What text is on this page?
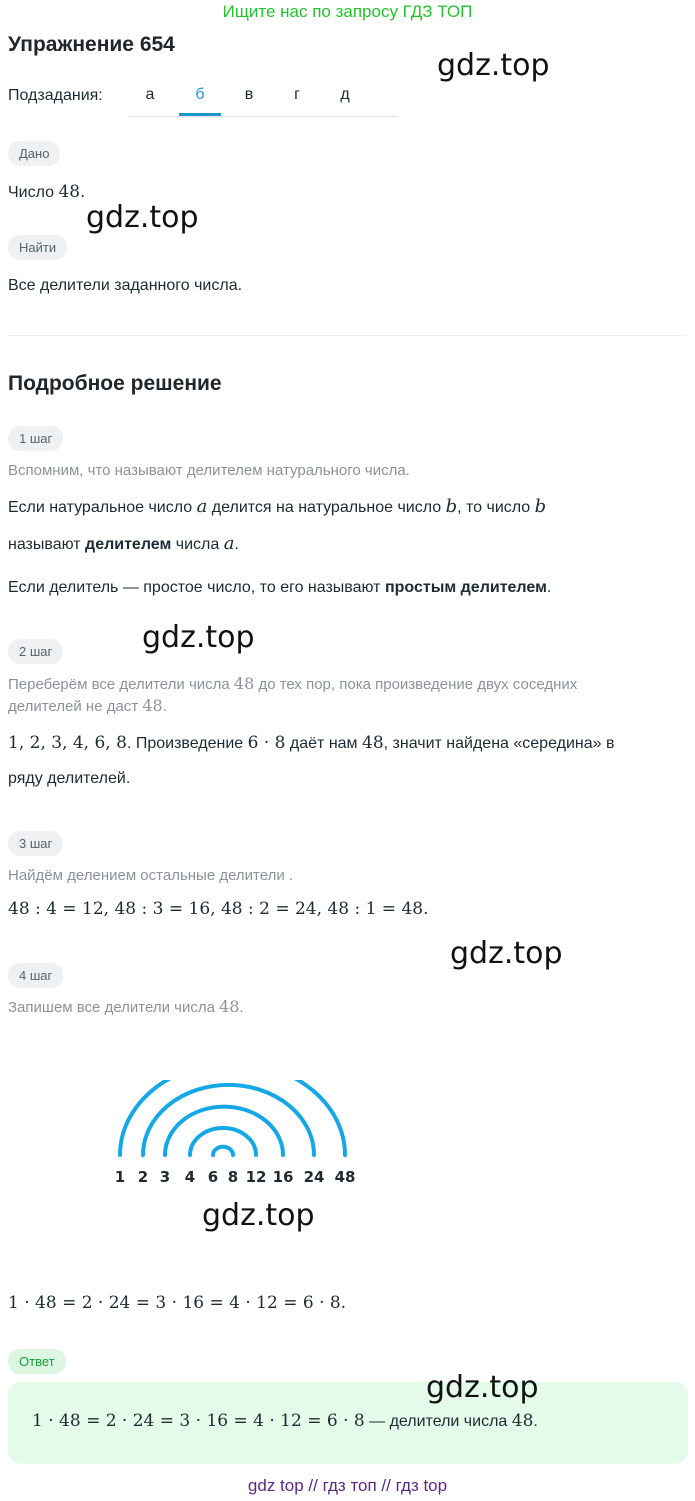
Ищите нас по запросу ГДЗ ТОП
Упражнение 654
gdz.top
Подзадания:	а	б	в	г	д
Дано
Число 48.
gdz.top
Найти
Все делители заданного числа.
Подробное решение
1 шаг
Вспомним, что называют делителем натурального числа.
Если натуральное число a делится на натуральное число b, то число b
называют делителем числа a.
Если делитель — простое число, то его называют простым делителем.
gdz.top
2 шаг
Переберём все делители числа 48 до тех пор, пока произведение двух соседних
делителей не даст 48.
1, 2, 3, 4, 6, 8. Произведение 6 · 8 даёт нам 48, значит найдена «середина» в
ряду делителей.
3 шаг
Найдём делением остальные делители .
48 : 4 = 12, 48 : 3 = 16, 48 : 2 = 24, 48 : 1 = 48.
gdz.top
4 шаг
Запишем все делители числа 48.
1 2 3 4 6 8 12 16 24 48
gdz.top
1 · 48 = 2 · 24 = 3 · 16 = 4 · 12 = 6 · 8.
Ответ
1 · 48 = 2 · 24 = 3 · 16 = 4 · 12 = 6 · 8 — делители числа 48.
gdz.top
gdz top // гдз топ // гдз top
